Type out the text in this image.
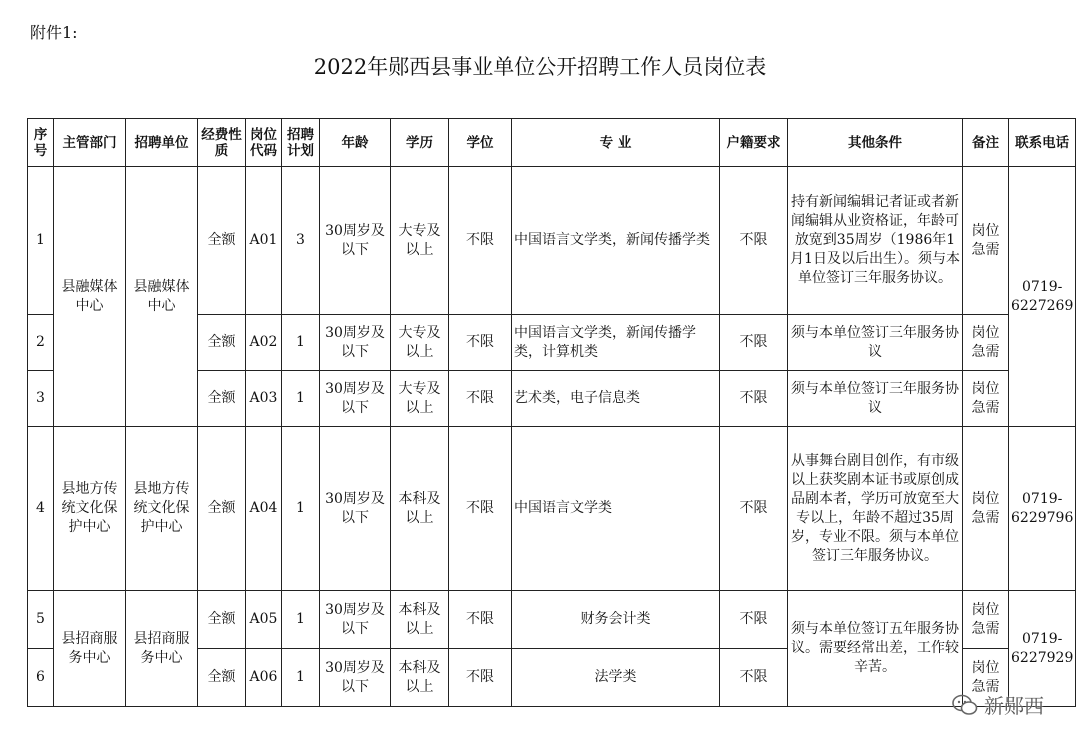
附件1:
2022年郧西县事业单位公开招聘工作人员岗位表
序号	主管部门	招聘单位	经费性质	岗位代码	招聘计划	年龄	学历	学位	专 业	户籍要求	其他条件	备注	联系电话
1	县融媒体中心	县融媒体中心	全额	A01	3	30周岁及以下	大专及以上	不限	中国语言文学类，新闻传播学类	不限	持有新闻编辑记者证或者新闻编辑从业资格证，年龄可放宽到35周岁（1986年1月1日及以后出生）。须与本单位签订三年服务协议。	岗位急需	0719-6227269
2			全额	A02	1	30周岁及以下	大专及以上	不限	中国语言文学类，新闻传播学类，计算机类	不限	须与本单位签订三年服务协议	岗位急需	
3			全额	A03	1	30周岁及以下	大专及以上	不限	艺术类，电子信息类	不限	须与本单位签订三年服务协议	岗位急需	
4	县地方传统文化保护中心	县地方传统文化保护中心	全额	A04	1	30周岁及以下	本科及以上	不限	中国语言文学类	不限	从事舞台剧目创作，有市级以上获奖剧本证书或原创成品剧本者，学历可放宽至大专以上，年龄不超过35周岁，专业不限。须与本单位签订三年服务协议。	岗位急需	0719-6229796
5	县招商服务中心	县招商服务中心	全额	A05	1	30周岁及以下	本科及以上	不限	财务会计类	不限	须与本单位签订五年服务协议。需要经常出差，工作较辛苦。	岗位急需	0719-6227929
6			全额	A06	1	30周岁及以下	本科及以上	不限	法学类	不限		岗位急需	
新郧西
